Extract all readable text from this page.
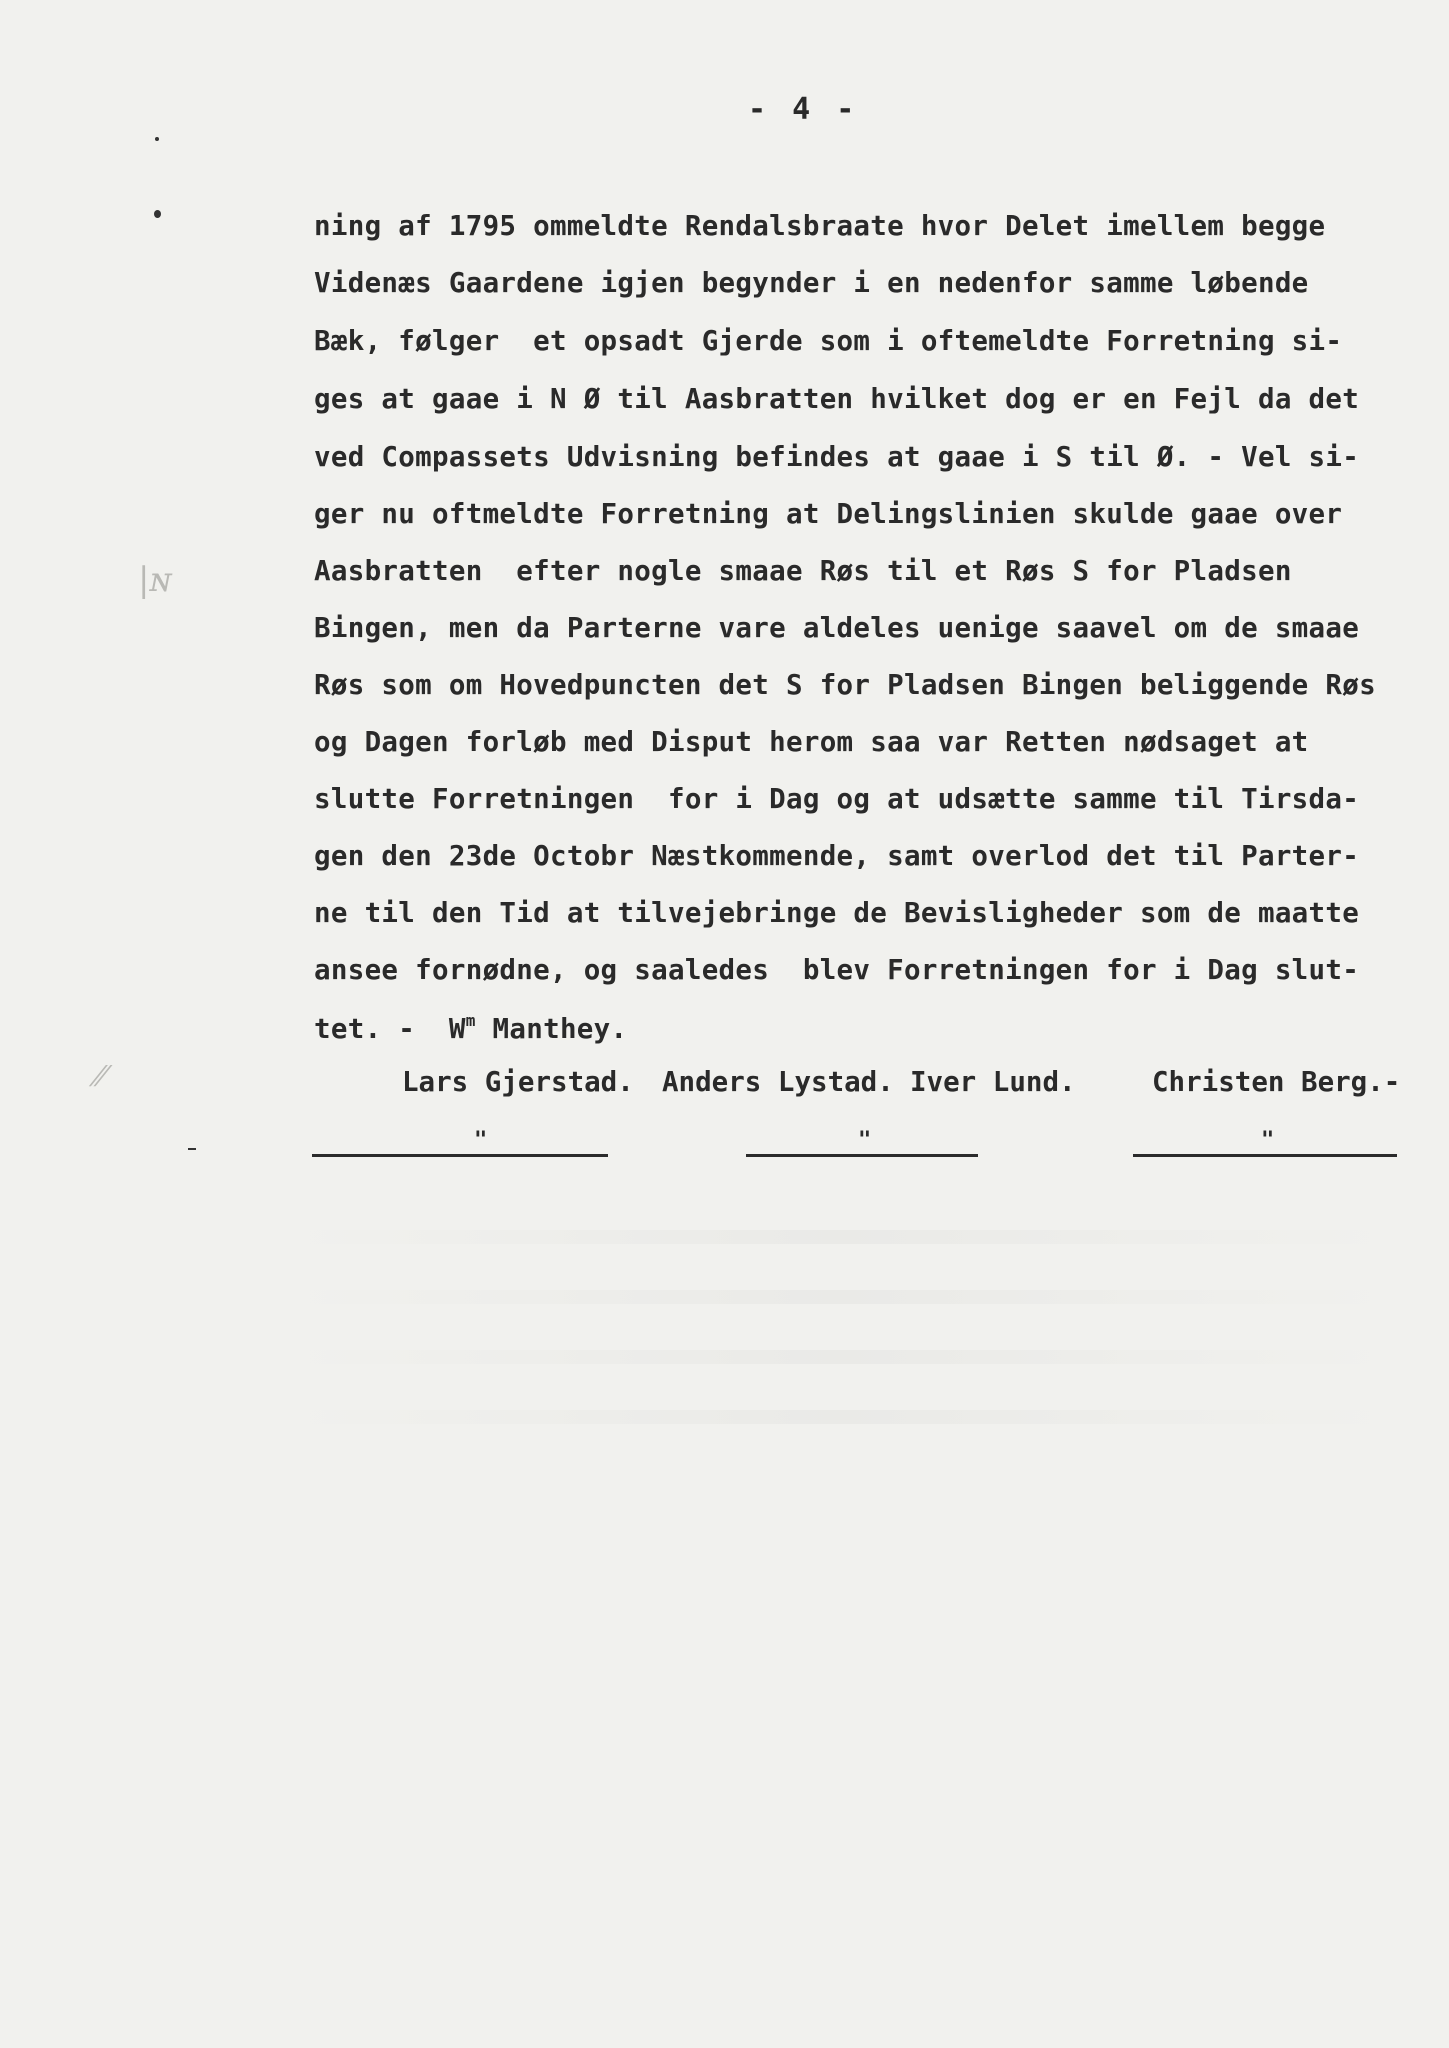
- 4 -
ning af 1795 ommeldte Rendalsbraate hvor Delet imellem begge
Videnæs Gaardene igjen begynder i en nedenfor samme løbende
Bæk, følger  et opsadt Gjerde som i oftemeldte Forretning si-
ges at gaae i N Ø til Aasbratten hvilket dog er en Fejl da det
ved Compassets Udvisning befindes at gaae i S til Ø. - Vel si-
ger nu oftmeldte Forretning at Delingslinien skulde gaae over
Aasbratten  efter nogle smaae Røs til et Røs S for Pladsen
Bingen, men da Parterne vare aldeles uenige saavel om de smaae
Røs som om Hovedpuncten det S for Pladsen Bingen beliggende Røs
og Dagen forløb med Disput herom saa var Retten nødsaget at
slutte Forretningen  for i Dag og at udsætte samme til Tirsda-
gen den 23de Octobr Næstkommende, samt overlod det til Parter-
ne til den Tid at tilvejebringe de Bevisligheder som de maatte
ansee fornødne, og saaledes  blev Forretningen for i Dag slut-
tet. -  $W^m$ Manthey.
Lars Gjerstad. Anders Lystad. Iver Lund.	Christen Berg.-
"	"	"
|ɴ
⁄⁄
